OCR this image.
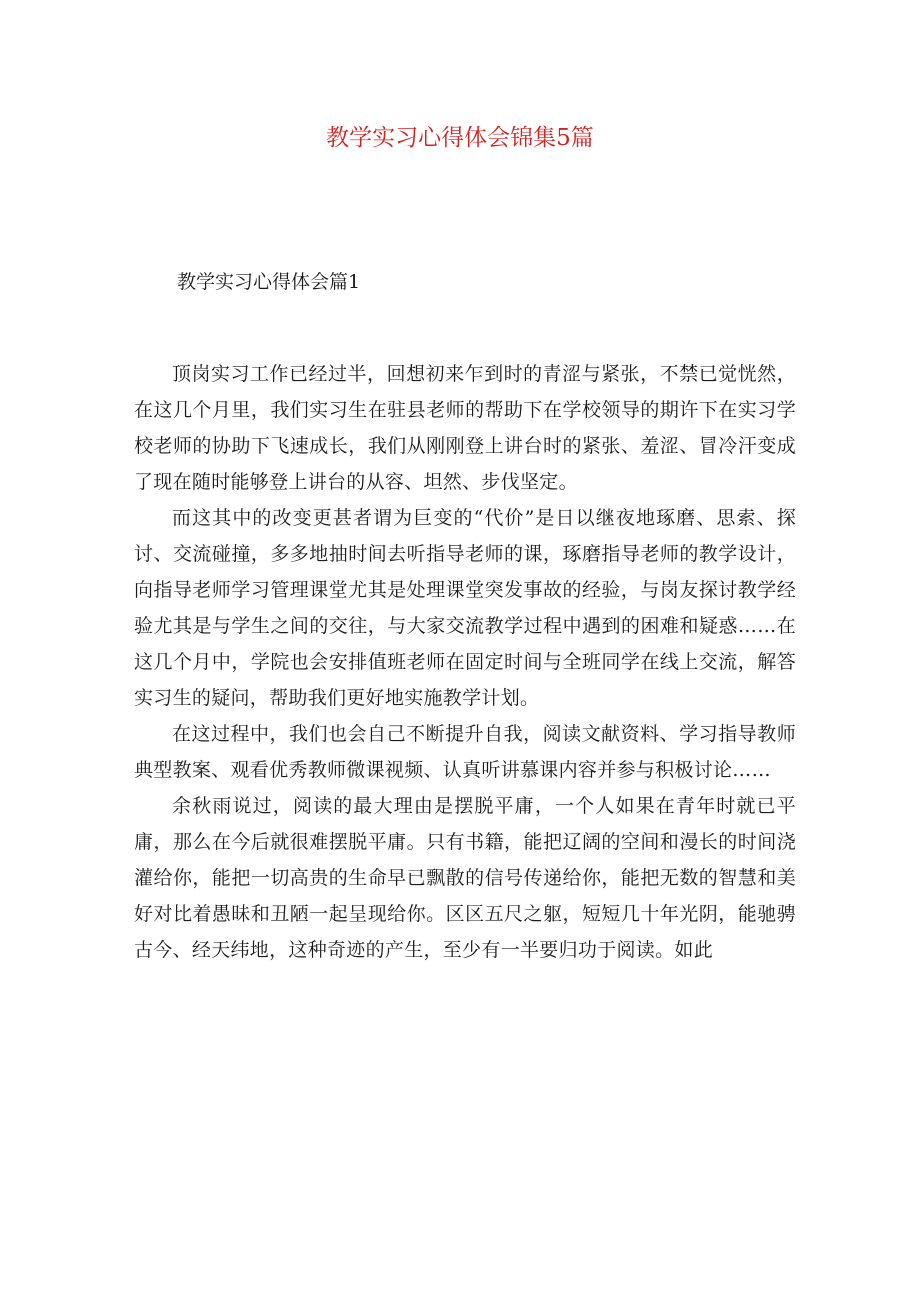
教学实习心得体会锦集5篇
教学实习心得体会篇1

顶岗实习工作已经过半，回想初来乍到时的青涩与紧张，不禁已觉恍然，在这几个月里，我们实习生在驻县老师的帮助下在学校领导的期许下在实习学校老师的协助下飞速成长，我们从刚刚登上讲台时的紧张、羞涩、冒冷汗变成了现在随时能够登上讲台的从容、坦然、步伐坚定。

而这其中的改变更甚者谓为巨变的“代价”是日以继夜地琢磨、思索、探讨、交流碰撞，多多地抽时间去听指导老师的课，琢磨指导老师的教学设计，向指导老师学习管理课堂尤其是处理课堂突发事故的经验，与岗友探讨教学经验尤其是与学生之间的交往，与大家交流教学过程中遇到的困难和疑惑……在这几个月中，学院也会安排值班老师在固定时间与全班同学在线上交流，解答实习生的疑问，帮助我们更好地实施教学计划。

在这过程中，我们也会自己不断提升自我，阅读文献资料、学习指导教师典型教案、观看优秀教师微课视频、认真听讲慕课内容并参与积极讨论……

余秋雨说过，阅读的最大理由是摆脱平庸，一个人如果在青年时就已平庸，那么在今后就很难摆脱平庸。只有书籍，能把辽阔的空间和漫长的时间浇灌给你，能把一切高贵的生命早已飘散的信号传递给你，能把无数的智慧和美好对比着愚昧和丑陋一起呈现给你。区区五尺之躯，短短几十年光阴，能驰骋古今、经天纬地，这种奇迹的产生，至少有一半要归功于阅读。如此
